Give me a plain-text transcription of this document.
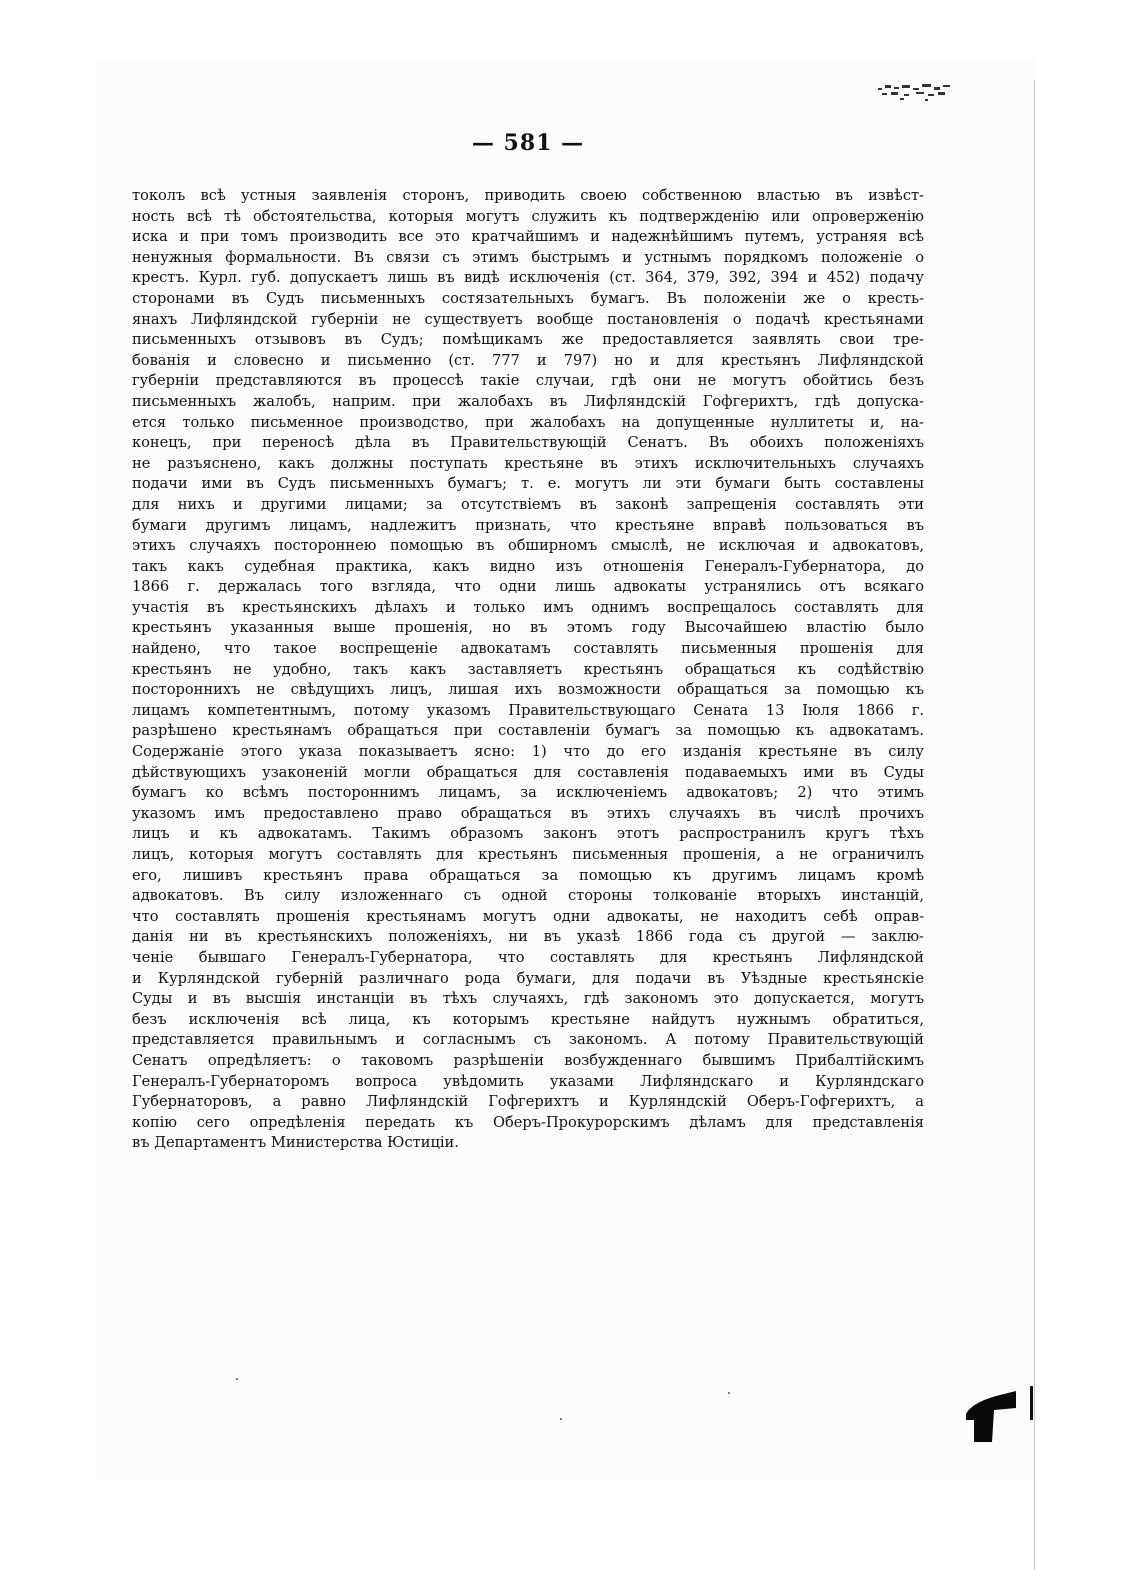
— 581 —
токолъ всѣ устныя заявленія сторонъ, приводить своею собственною властью въ извѣст-
ность всѣ тѣ обстоятельства, которыя могутъ служить къ подтвержденію или опроверженію
иска и при томъ производить все это кратчайшимъ и надежнѣйшимъ путемъ, устраняя всѣ
ненужныя формальности. Въ связи съ этимъ быстрымъ и устнымъ порядкомъ положеніе о
крестъ. Курл. губ. допускаетъ лишь въ видѣ исключенія (ст. 364, 379, 392, 394 и 452) подачу
сторонами въ Судъ письменныхъ состязательныхъ бумагъ. Въ положеніи же о кресть-
янахъ Лифляндской губерніи не существуетъ вообще постановленія о подачѣ крестьянами
письменныхъ отзывовъ въ Судъ; помѣщикамъ же предоставляется заявлять свои тре-
бованія и словесно и письменно (ст. 777 и 797) но и для крестьянъ Лифляндской
губерніи представляются въ процессѣ такіе случаи, гдѣ они не могутъ обойтись безъ
письменныхъ жалобъ, наприм. при жалобахъ въ Лифляндскій Гофгерихтъ, гдѣ допуска-
ется только письменное производство, при жалобахъ на допущенные нуллитеты и, на-
конецъ, при переносѣ дѣла въ Правительствующій Сенатъ. Въ обоихъ положеніяхъ
не разъяснено, какъ должны поступать крестьяне въ этихъ исключительныхъ случаяхъ
подачи ими въ Судъ письменныхъ бумагъ; т. е. могутъ ли эти бумаги быть составлены
для нихъ и другими лицами; за отсутствіемъ въ законѣ запрещенія составлять эти
бумаги другимъ лицамъ, надлежитъ признать, что крестьяне вправѣ пользоваться въ
этихъ случаяхъ постороннею помощью въ обширномъ смыслѣ, не исключая и адвокатовъ,
такъ какъ судебная практика, какъ видно изъ отношенія Генералъ-Губернатора, до
1866 г. держалась того взгляда, что одни лишь адвокаты устранялись отъ всякаго
участія въ крестьянскихъ дѣлахъ и только имъ однимъ воспрещалось составлять для
крестьянъ указанныя выше прошенія, но въ этомъ году Высочайшею властію было
найдено, что такое воспрещеніе адвокатамъ составлять письменныя прошенія для
крестьянъ не удобно, такъ какъ заставляетъ крестьянъ обращаться къ содѣйствію
постороннихъ не свѣдущихъ лицъ, лишая ихъ возможности обращаться за помощью къ
лицамъ компетентнымъ, потому указомъ Правительствующаго Сената 13 Іюля 1866 г.
разрѣшено крестьянамъ обращаться при составленіи бумагъ за помощью къ адвокатамъ.
Содержаніе этого указа показываетъ ясно: 1) что до его изданія крестьяне въ силу
дѣйствующихъ узаконеній могли обращаться для составленія подаваемыхъ ими въ Суды
бумагъ ко всѣмъ постороннимъ лицамъ, за исключеніемъ адвокатовъ; 2) что этимъ
указомъ имъ предоставлено право обращаться въ этихъ случаяхъ въ числѣ прочихъ
лицъ и къ адвокатамъ. Такимъ образомъ законъ этотъ распространилъ кругъ тѣхъ
лицъ, которыя могутъ составлять для крестьянъ письменныя прошенія, а не ограничилъ
его, лишивъ крестьянъ права обращаться за помощью къ другимъ лицамъ кромѣ
адвокатовъ. Въ силу изложеннаго съ одной стороны толкованіе вторыхъ инстанцій,
что составлять прошенія крестьянамъ могутъ одни адвокаты, не находитъ себѣ оправ-
данія ни въ крестьянскихъ положеніяхъ, ни въ указѣ 1866 года съ другой — заклю-
ченіе бывшаго Генералъ-Губернатора, что составлять для крестьянъ Лифляндской
и Курляндской губерній различнаго рода бумаги, для подачи въ Уѣздные крестьянскіе
Суды и въ высшія инстанціи въ тѣхъ случаяхъ, гдѣ закономъ это допускается, могутъ
безъ исключенія всѣ лица, къ которымъ крестьяне найдутъ нужнымъ обратиться,
представляется правильнымъ и согласнымъ съ закономъ. А потому Правительствующій
Сенатъ опредѣляетъ: о таковомъ разрѣшеніи возбужденнаго бывшимъ Прибалтійскимъ
Генералъ-Губернаторомъ вопроса увѣдомить указами Лифляндскаго и Курляндскаго
Губернаторовъ, а равно Лифляндскій Гофгерихтъ и Курляндскій Оберъ-Гофгерихтъ, а
копію сего опредѣленія передать къ Оберъ-Прокурорскимъ дѣламъ для представленія
въ Департаментъ Министерства Юстиціи.
